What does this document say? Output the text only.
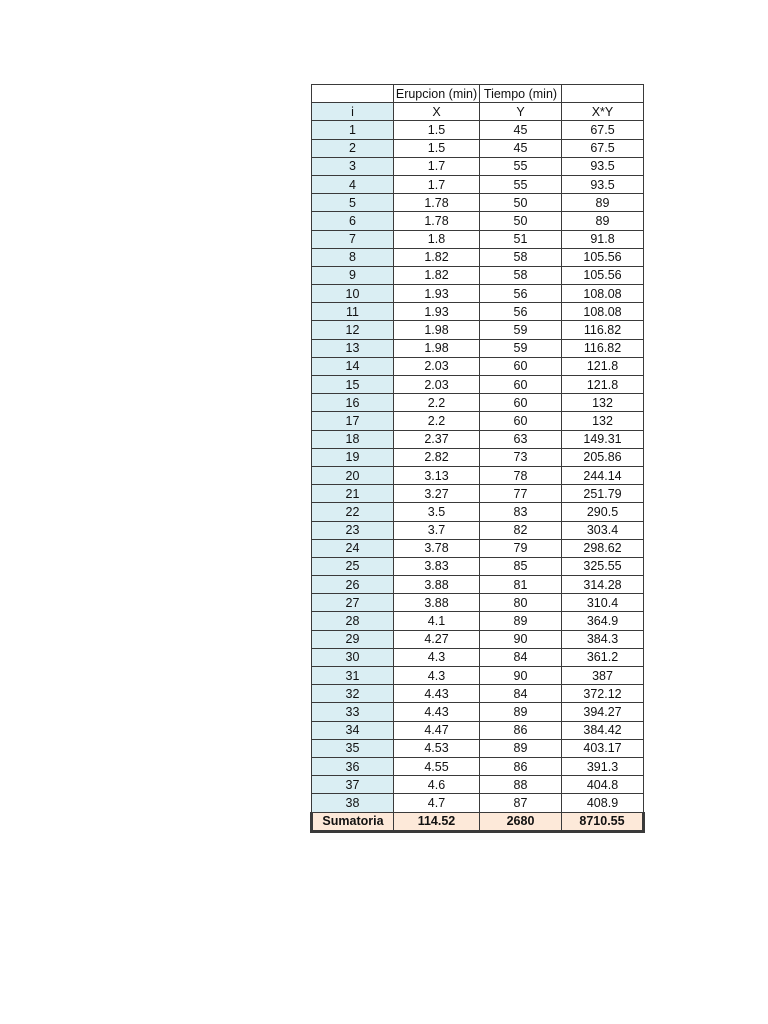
	Erupcion (min)	Tiempo (min)	
i	X	Y	X*Y
1	1.5	45	67.5
2	1.5	45	67.5
3	1.7	55	93.5
4	1.7	55	93.5
5	1.78	50	89
6	1.78	50	89
7	1.8	51	91.8
8	1.82	58	105.56
9	1.82	58	105.56
10	1.93	56	108.08
11	1.93	56	108.08
12	1.98	59	116.82
13	1.98	59	116.82
14	2.03	60	121.8
15	2.03	60	121.8
16	2.2	60	132
17	2.2	60	132
18	2.37	63	149.31
19	2.82	73	205.86
20	3.13	78	244.14
21	3.27	77	251.79
22	3.5	83	290.5
23	3.7	82	303.4
24	3.78	79	298.62
25	3.83	85	325.55
26	3.88	81	314.28
27	3.88	80	310.4
28	4.1	89	364.9
29	4.27	90	384.3
30	4.3	84	361.2
31	4.3	90	387
32	4.43	84	372.12
33	4.43	89	394.27
34	4.47	86	384.42
35	4.53	89	403.17
36	4.55	86	391.3
37	4.6	88	404.8
38	4.7	87	408.9
Sumatoria	114.52	2680	8710.55
